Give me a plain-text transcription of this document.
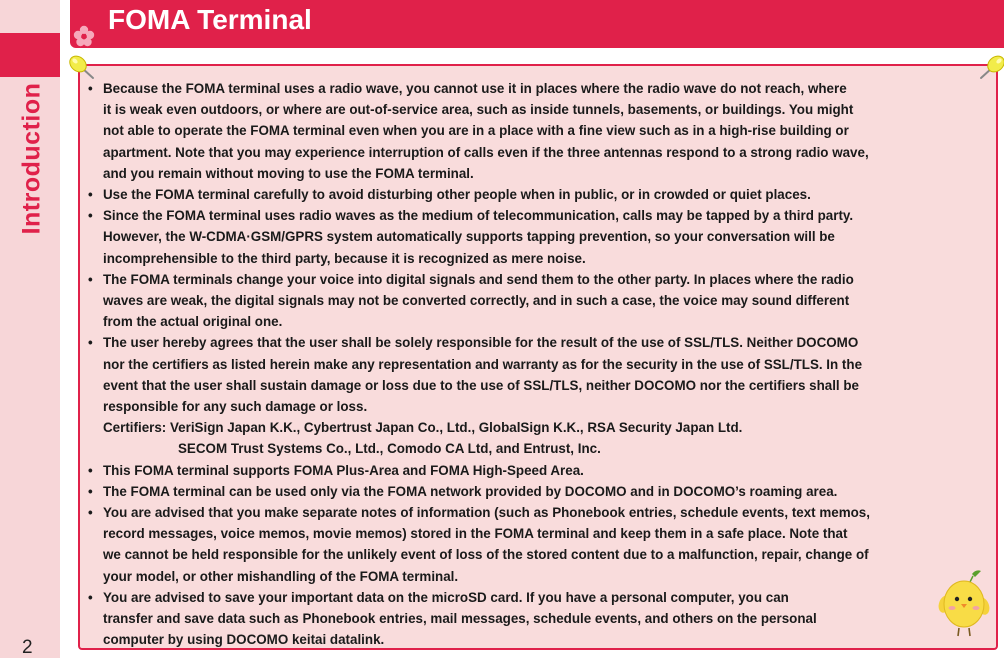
Introduction
2
FOMA Terminal
• Because the FOMA terminal uses a radio wave, you cannot use it in places where the radio wave do not reach, where
it is weak even outdoors, or where are out-of-service area, such as inside tunnels, basements, or buildings. You might
not able to operate the FOMA terminal even when you are in a place with a fine view such as in a high-rise building or
apartment. Note that you may experience interruption of calls even if the three antennas respond to a strong radio wave,
and you remain without moving to use the FOMA terminal.
• Use the FOMA terminal carefully to avoid disturbing other people when in public, or in crowded or quiet places.
• Since the FOMA terminal uses radio waves as the medium of telecommunication, calls may be tapped by a third party.
However, the W-CDMA·GSM/GPRS system automatically supports tapping prevention, so your conversation will be
incomprehensible to the third party, because it is recognized as mere noise.
• The FOMA terminals change your voice into digital signals and send them to the other party. In places where the radio
waves are weak, the digital signals may not be converted correctly, and in such a case, the voice may sound different
from the actual original one.
• The user hereby agrees that the user shall be solely responsible for the result of the use of SSL/TLS. Neither DOCOMO
nor the certifiers as listed herein make any representation and warranty as for the security in the use of SSL/TLS. In the
event that the user shall sustain damage or loss due to the use of SSL/TLS, neither DOCOMO nor the certifiers shall be
responsible for any such damage or loss.
Certifiers: VeriSign Japan K.K., Cybertrust Japan Co., Ltd., GlobalSign K.K., RSA Security Japan Ltd.
SECOM Trust Systems Co., Ltd., Comodo CA Ltd, and Entrust, Inc.
• This FOMA terminal supports FOMA Plus-Area and FOMA High-Speed Area.
• The FOMA terminal can be used only via the FOMA network provided by DOCOMO and in DOCOMO’s roaming area.
• You are advised that you make separate notes of information (such as Phonebook entries, schedule events, text memos,
record messages, voice memos, movie memos) stored in the FOMA terminal and keep them in a safe place. Note that
we cannot be held responsible for the unlikely event of loss of the stored content due to a malfunction, repair, change of
your model, or other mishandling of the FOMA terminal.
• You are advised to save your important data on the microSD card. If you have a personal computer, you can
transfer and save data such as Phonebook entries, mail messages, schedule events, and others on the personal
computer by using DOCOMO keitai datalink.
